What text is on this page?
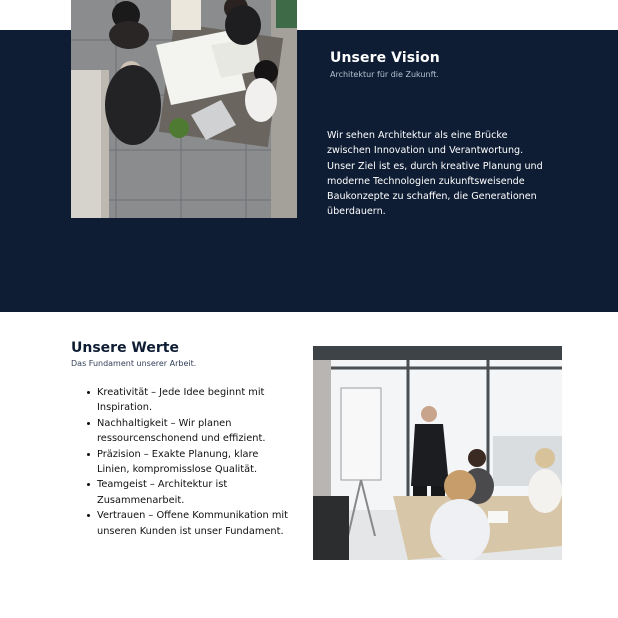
Unsere Vision
Architektur für die Zukunft.

Wir sehen Architektur als eine Brücke zwischen Innovation und Verantwortung. Unser Ziel ist es, durch kreative Planung und moderne Technologien zukunftsweisende Baukonzepte zu schaffen, die Generationen überdauern.

Unsere Werte
Das Fundament unserer Arbeit.
Kreativität – Jede Idee beginnt mit Inspiration.
Nachhaltigkeit – Wir planen ressourcenschonend und effizient.
Präzision – Exakte Planung, klare Linien, kompromisslose Qualität.
Teamgeist – Architektur ist Zusammenarbeit.
Vertrauen – Offene Kommunikation mit unseren Kunden ist unser Fundament.
